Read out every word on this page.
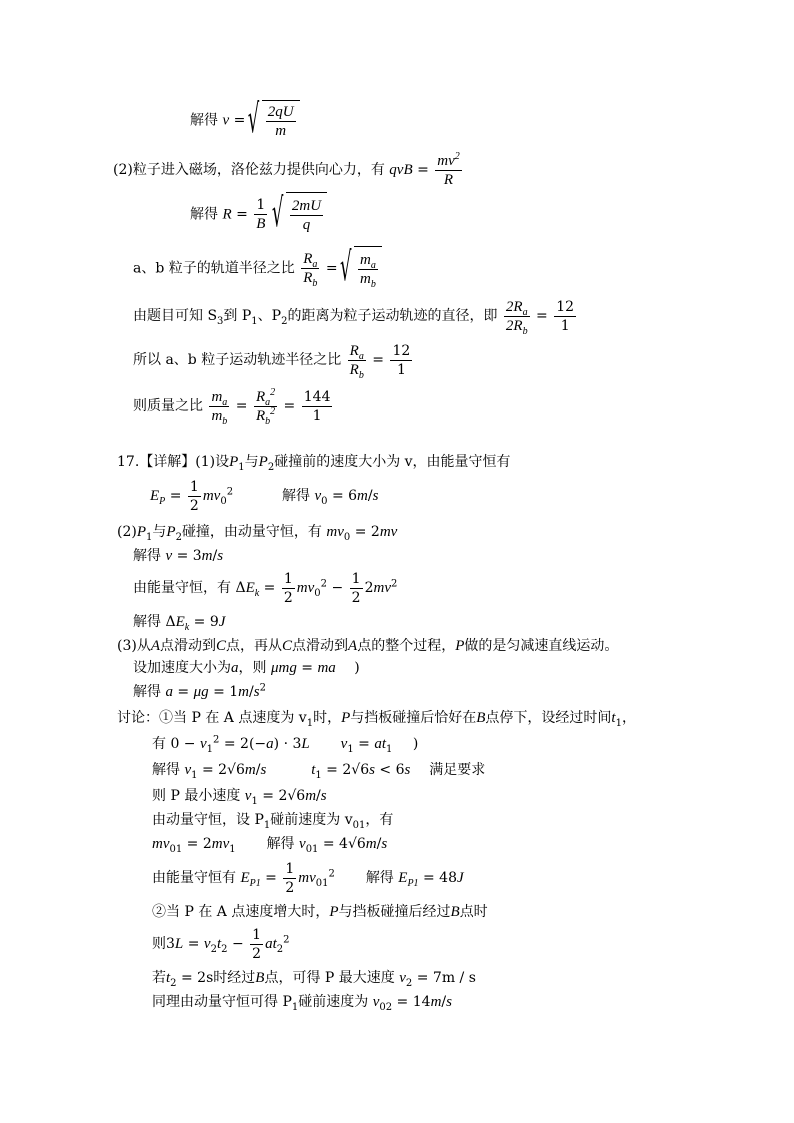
解得 v = √ $\frac{2qU}{m}$
(2)粒子进入磁场，洛伦兹力提供向心力，有 qvB = $\frac{mv^2}{R}$
解得 $R = \frac{1}{B}$
√ $\frac{2mU}{q}$
a、b 粒子的轨道半径之比 $\frac{R_a}{R_b}$ = √ $\frac{m_a}{m_b}$
由题目可知 $S_3$到 $P_1$、$P_2$的距离为粒子运动轨迹的直径，即 $\frac{2R_a}{2R_b} = \frac{12}{1}$
所以 a、b 粒子运动轨迹半径之比 $\frac{R_a}{R_b} = \frac{12}{1}$
则质量之比 $\frac{m_a}{m_b} = \frac{R_a^2}{R_b^2} = \frac{144}{1}$
17.【详解】(1)设$P_1$与$P_2$碰撞前的速度大小为 v，由能量守恒有
$E_P = \frac{1}{2} mv_0^2$	解得 $v_0 = 6m/s$
$(2)P_1$与$P_2$碰撞，由动量守恒，有 $mv_0 = 2mv$
解得 v = 3m/s
由能量守恒，有 $\Delta E_k = \frac{1}{2} mv_0^2 - \frac{1}{2} 2mv^2$
解得 $\Delta E_k = 9J$
(3)从A点滑动到C点，再从C点滑动到A点的整个过程，P做的是匀减速直线运动。
设加速度大小为a，则 μmg = ma )
解得 $a = \mu g = 1m/s^2$
讨论：①当 P 在 A 点速度为 $v_1$时，P与挡板碰撞后恰好在B点停下，设经过时间$t_1$，
有 $0 - v_1^2 = 2(-a) \cdot 3L$ $v_1 = at_1$ )
解得 $v_1 = 2√6m/s$	$t_1 = 2√6s < 6s$ 满足要求
则 P 最小速度 $v_1 = 2√6m/s$
由动量守恒，设 $P_1$碰前速度为 $v_{01}$，有
$mv_{01} = 2mv_1$ 解得 $v_{01} = 4√6m/s$
由能量守恒有 $E_{P1} = \frac{1}{2} mv_{01}^2$ 解得 $E_{P1} = 48J$
②当 P 在 A 点速度增大时，P与挡板碰撞后经过B点时
则$3L = v_2t_2 - \frac{1}{2} at_2^2$
若$t_2 = 2s$时经过B点，可得 P 最大速度 $v_2 = 7m / s$
同理由动量守恒可得 $P_1$碰前速度为 $v_{02} = 14m/s$
